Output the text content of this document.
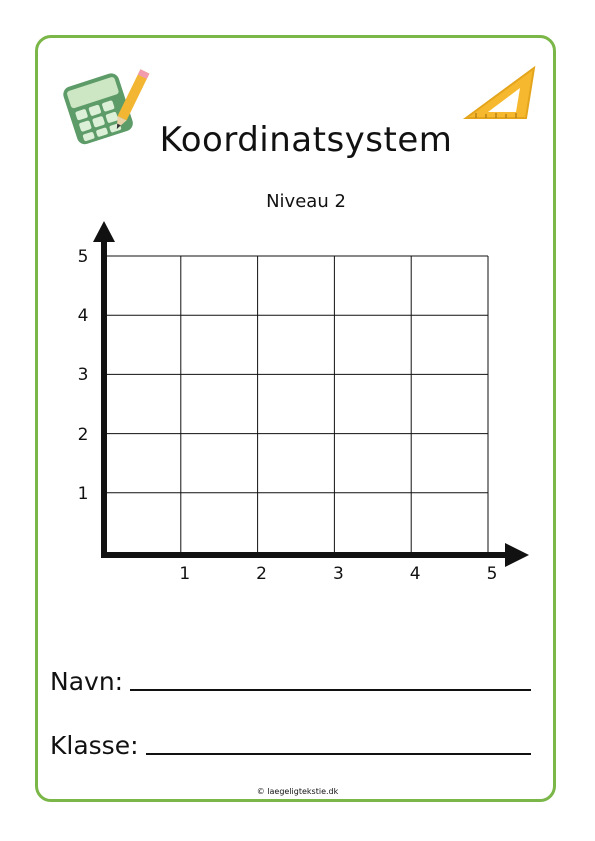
Koordinatsystem
Niveau 2
1
2
3
4
5
1	2	3	4	5
Navn:
Klasse:
© laegeligtekstie.dk
